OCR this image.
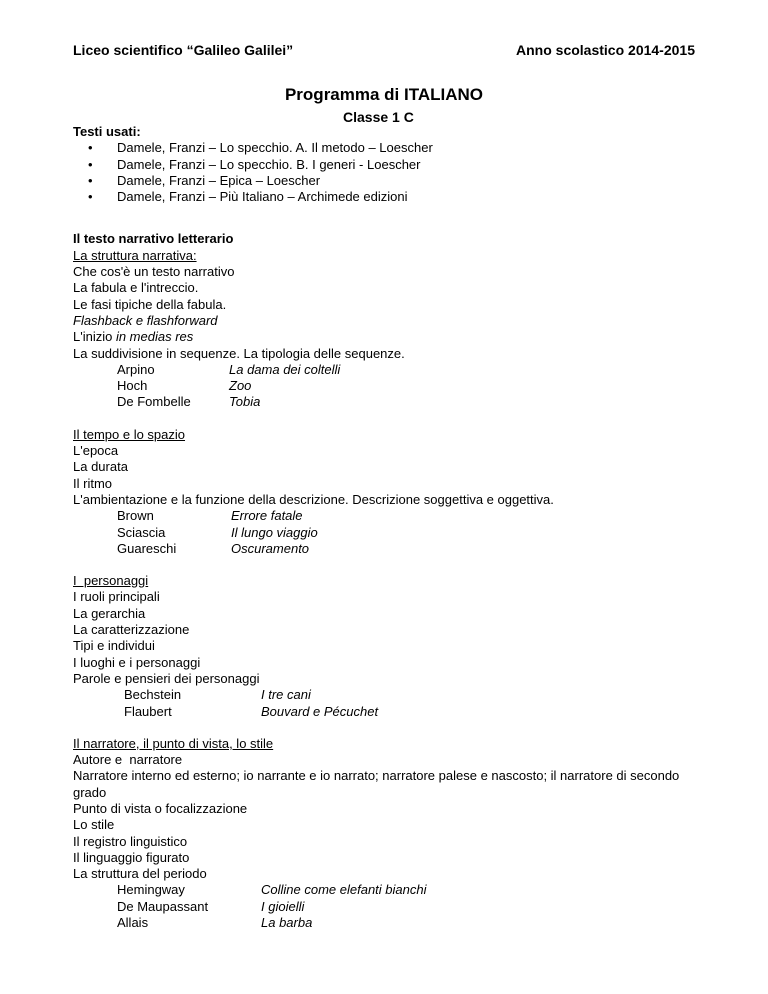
Liceo scientifico “Galileo Galilei”	Anno scolastico 2014-2015
Programma di ITALIANO
Classe 1 C
Testi usati:
• Damele, Franzi – Lo specchio. A. Il metodo – Loescher
• Damele, Franzi – Lo specchio. B. I generi - Loescher
• Damele, Franzi – Epica – Loescher
• Damele, Franzi – Più Italiano – Archimede edizioni
Il testo narrativo letterario
La struttura narrativa:
Che cos'è un testo narrativo
La fabula e l'intreccio.
Le fasi tipiche della fabula.
Flashback e flashforward
L'inizio in medias res
La suddivisione in sequenze. La tipologia delle sequenze.
Arpino	La dama dei coltelli
Hoch	Zoo
De Fombelle	Tobia
Il tempo e lo spazio
L'epoca
La durata
Il ritmo
L'ambientazione e la funzione della descrizione. Descrizione soggettiva e oggettiva.
Brown	Errore fatale
Sciascia	Il lungo viaggio
Guareschi	Oscuramento
I  personaggi
I ruoli principali
La gerarchia
La caratterizzazione
Tipi e individui
I luoghi e i personaggi
Parole e pensieri dei personaggi
Bechstein	I tre cani
Flaubert	Bouvard e Pécuchet
Il narratore, il punto di vista, lo stile
Autore e  narratore
Narratore interno ed esterno; io narrante e io narrato; narratore palese e nascosto; il narratore di secondo grado
Punto di vista o focalizzazione
Lo stile
Il registro linguistico
Il linguaggio figurato
La struttura del periodo
Hemingway	Colline come elefanti bianchi
De Maupassant	I gioielli
Allais	La barba
